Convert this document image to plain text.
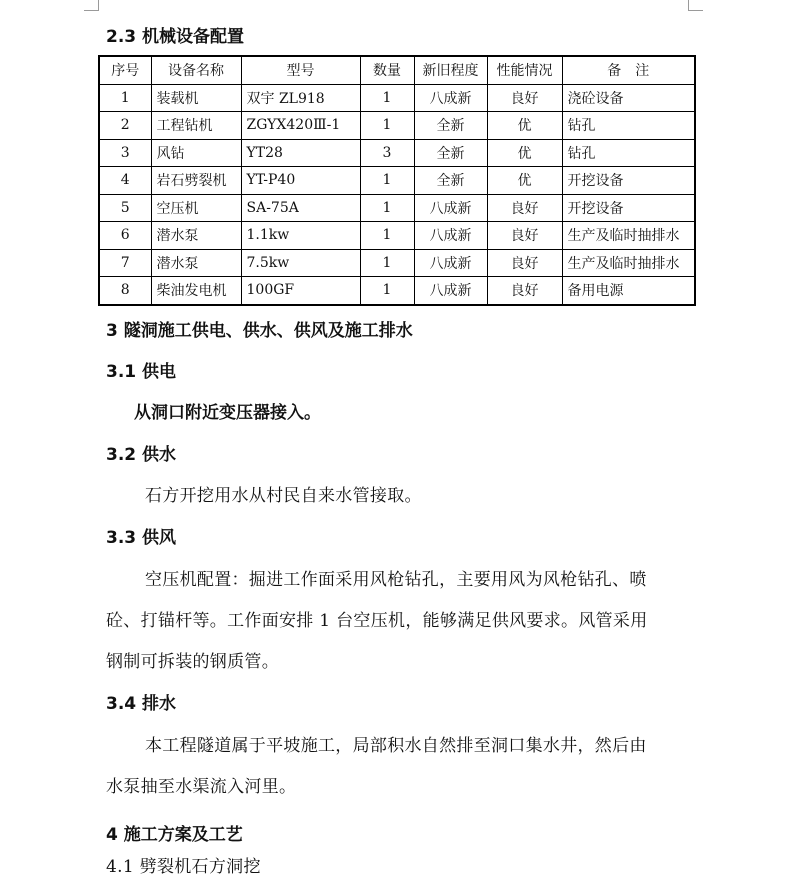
2.3 机械设备配置
序号	设备名称	型号	数量	新旧程度	性能情况	备　注
1	装载机	双宇 ZL918	1	八成新	良好	浇砼设备
2	工程钻机	ZGYX420Ⅲ-1	1	全新	优	钻孔
3	风钻	YT28	3	全新	优	钻孔
4	岩石劈裂机	YT-P40	1	全新	优	开挖设备
5	空压机	SA-75A	1	八成新	良好	开挖设备
6	潜水泵	1.1kw	1	八成新	良好	生产及临时抽排水
7	潜水泵	7.5kw	1	八成新	良好	生产及临时抽排水
8	柴油发电机	100GF	1	八成新	良好	备用电源
3 隧洞施工供电、供水、供风及施工排水
3.1 供电
从洞口附近变压器接入。
3.2 供水
石方开挖用水从村民自来水管接取。
3.3 供风
空压机配置：掘进工作面采用风枪钻孔，主要用风为风枪钻孔、喷
砼、打锚杆等。工作面安排 1 台空压机，能够满足供风要求。风管采用
钢制可拆装的钢质管。
3.4 排水
本工程隧道属于平坡施工，局部积水自然排至洞口集水井，然后由
水泵抽至水渠流入河里。
4 施工方案及工艺
4.1 劈裂机石方洞挖
